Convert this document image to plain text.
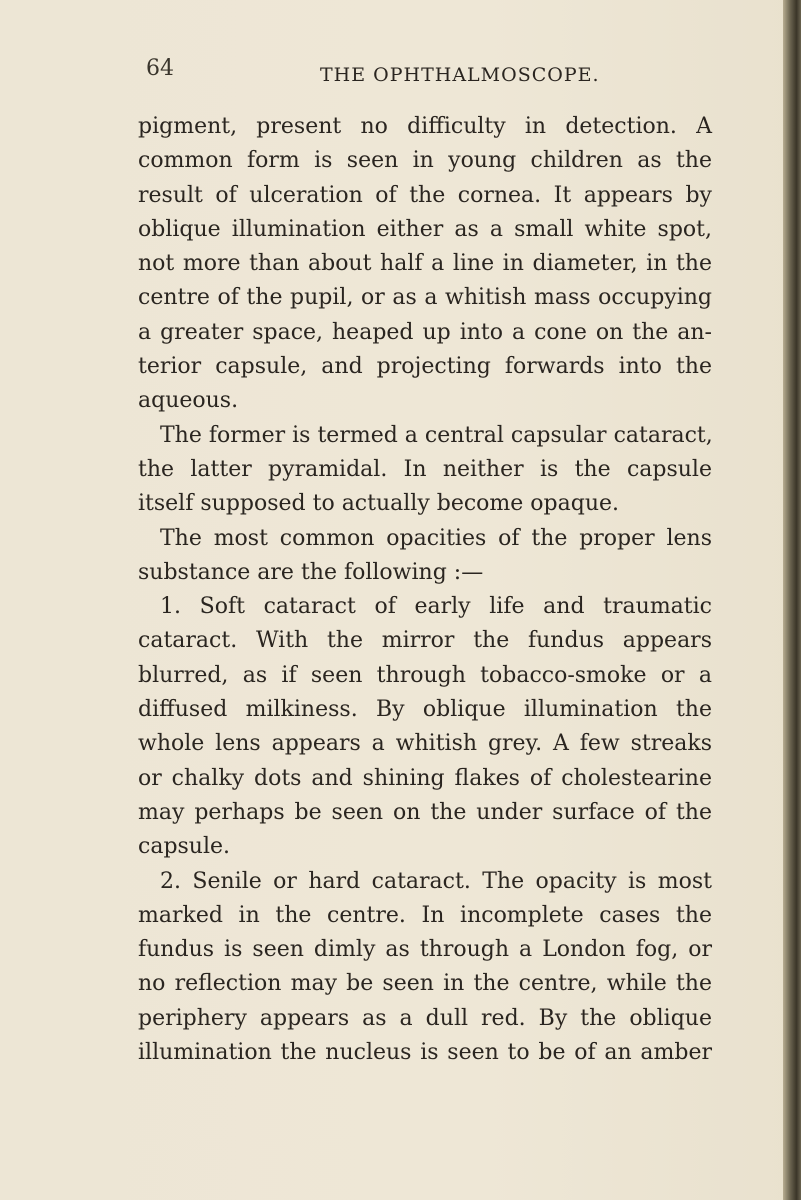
64	THE OPHTHALMOSCOPE.
pigment, present no difficulty in detection. A
common form is seen in young children as the
result of ulceration of the cornea. It appears by
oblique illumination either as a small white spot,
not more than about half a line in diameter, in the
centre of the pupil, or as a whitish mass occupying
a greater space, heaped up into a cone on the an-
terior capsule, and projecting forwards into the
aqueous.
The former is termed a central capsular cataract,
the latter pyramidal. In neither is the capsule
itself supposed to actually become opaque.
The most common opacities of the proper lens
substance are the following :—
1. Soft cataract of early life and traumatic
cataract. With the mirror the fundus appears
blurred, as if seen through tobacco-smoke or a
diffused milkiness. By oblique illumination the
whole lens appears a whitish grey. A few streaks
or chalky dots and shining flakes of cholestearine
may perhaps be seen on the under surface of the
capsule.
2. Senile or hard cataract. The opacity is most
marked in the centre. In incomplete cases the
fundus is seen dimly as through a London fog, or
no reflection may be seen in the centre, while the
periphery appears as a dull red. By the oblique
illumination the nucleus is seen to be of an amber
